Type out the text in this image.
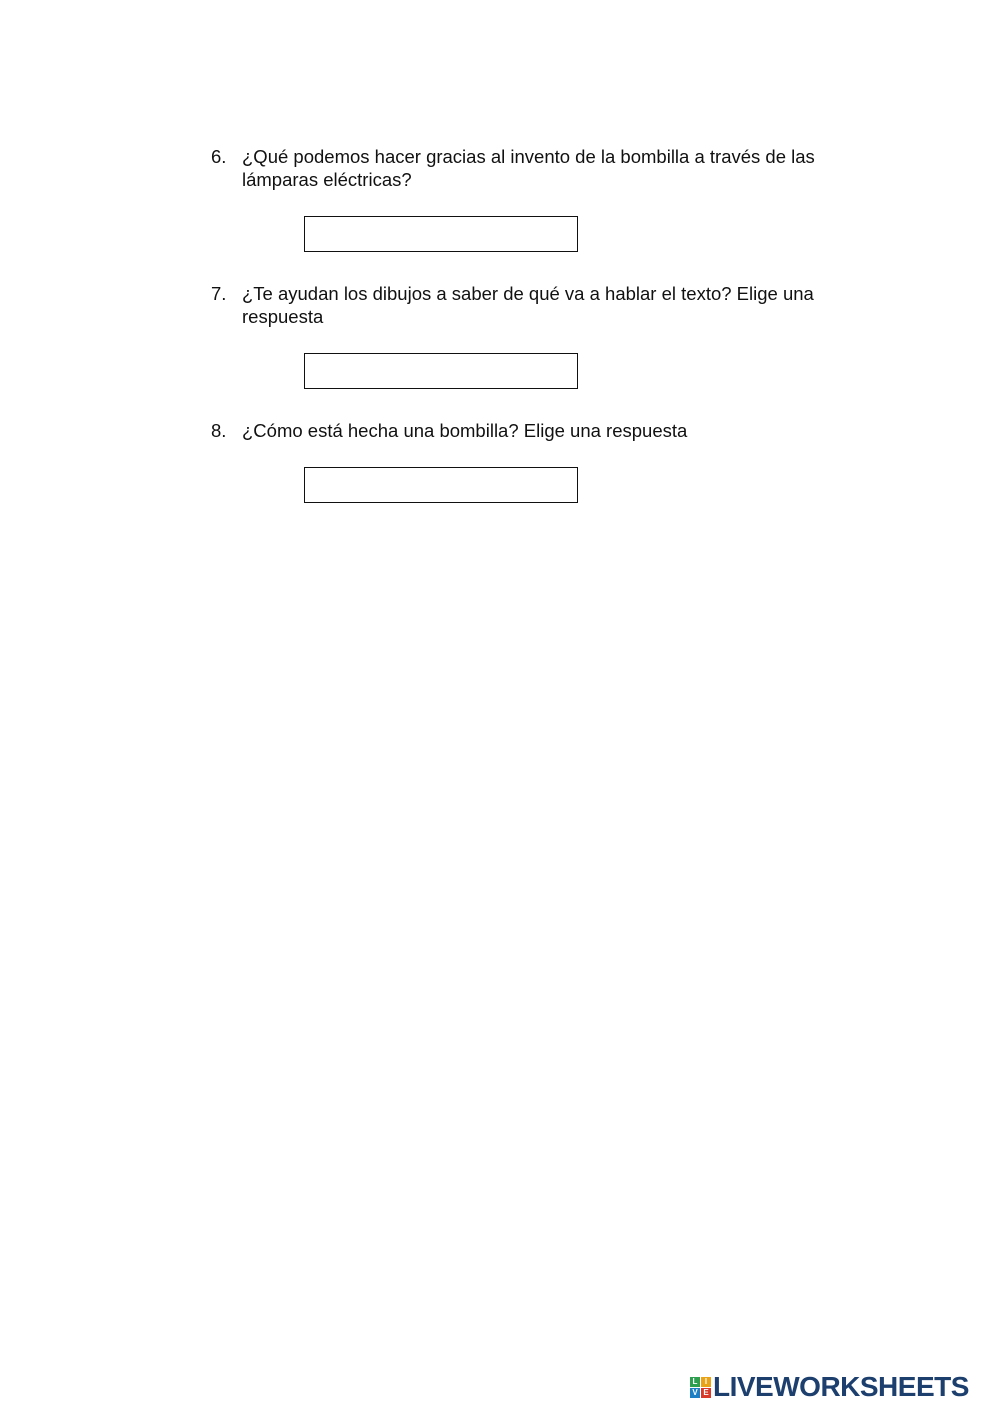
6. ¿Qué podemos hacer gracias al invento de la bombilla a través de las lámparas eléctricas?
7. ¿Te ayudan los dibujos a saber de qué va a hablar el texto? Elige una respuesta
8. ¿Cómo está hecha una bombilla? Elige una respuesta
L I
V E LIVEWORKSHEETS
